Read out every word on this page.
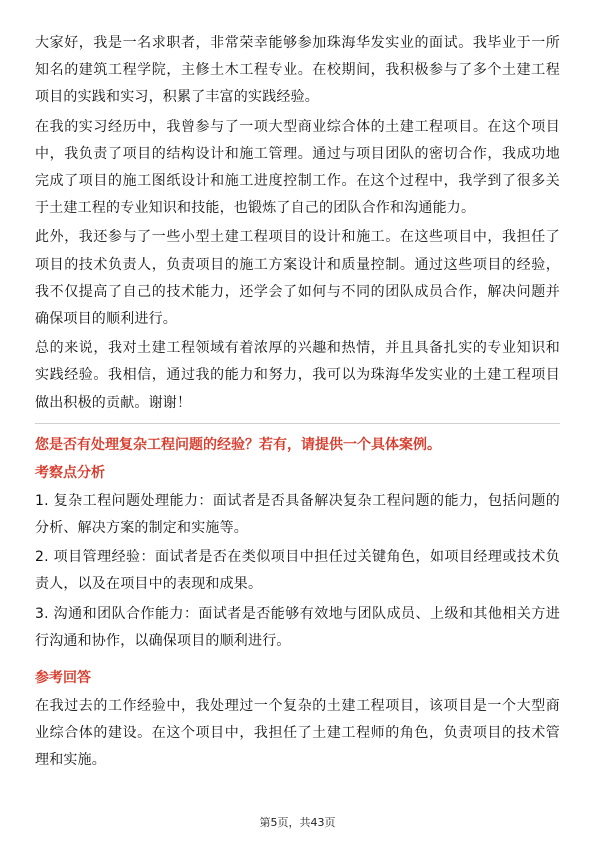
大家好，我是一名求职者，非常荣幸能够参加珠海华发实业的面试。我毕业于一所知名的建筑工程学院，主修土木工程专业。在校期间，我积极参与了多个土建工程项目的实践和实习，积累了丰富的实践经验。

在我的实习经历中，我曾参与了一项大型商业综合体的土建工程项目。在这个项目中，我负责了项目的结构设计和施工管理。通过与项目团队的密切合作，我成功地完成了项目的施工图纸设计和施工进度控制工作。在这个过程中，我学到了很多关于土建工程的专业知识和技能，也锻炼了自己的团队合作和沟通能力。

此外，我还参与了一些小型土建工程项目的设计和施工。在这些项目中，我担任了项目的技术负责人，负责项目的施工方案设计和质量控制。通过这些项目的经验，我不仅提高了自己的技术能力，还学会了如何与不同的团队成员合作，解决问题并确保项目的顺利进行。

总的来说，我对土建工程领域有着浓厚的兴趣和热情，并且具备扎实的专业知识和实践经验。我相信，通过我的能力和努力，我可以为珠海华发实业的土建工程项目做出积极的贡献。谢谢！

您是否有处理复杂工程问题的经验？若有，请提供一个具体案例。

考察点分析

1. 复杂工程问题处理能力：面试者是否具备解决复杂工程问题的能力，包括问题的分析、解决方案的制定和实施等。

2. 项目管理经验：面试者是否在类似项目中担任过关键角色，如项目经理或技术负责人，以及在项目中的表现和成果。

3. 沟通和团队合作能力：面试者是否能够有效地与团队成员、上级和其他相关方进行沟通和协作，以确保项目的顺利进行。

参考回答

在我过去的工作经验中，我处理过一个复杂的土建工程项目，该项目是一个大型商业综合体的建设。在这个项目中，我担任了土建工程师的角色，负责项目的技术管理和实施。

第5页，共43页
